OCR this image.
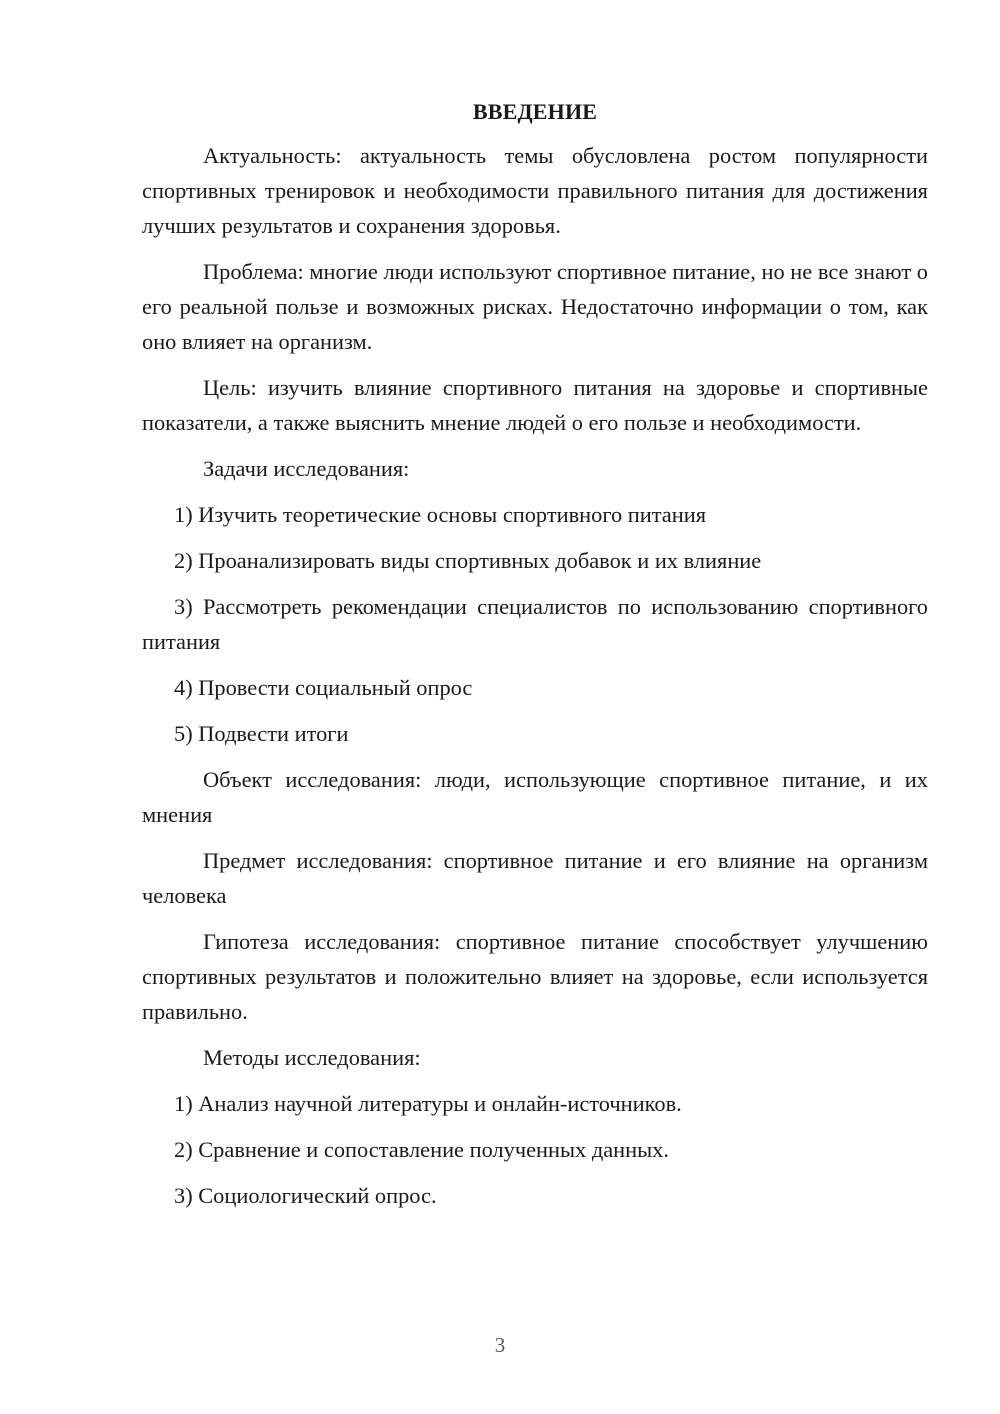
ВВЕДЕНИЕ
Актуальность: актуальность темы обусловлена ростом популярности спортивных тренировок и необходимости правильного питания для достижения лучших результатов и сохранения здоровья.
Проблема: многие люди используют спортивное питание, но не все знают о его реальной пользе и возможных рисках. Недостаточно информации о том, как оно влияет на организм.
Цель: изучить влияние спортивного питания на здоровье и спортивные показатели, а также выяснить мнение людей о его пользе и необходимости.
Задачи исследования:
1) Изучить теоретические основы спортивного питания
2) Проанализировать виды спортивных добавок и их влияние
3) Рассмотреть рекомендации специалистов по использованию спортивного питания
4) Провести социальный опрос
5) Подвести итоги
Объект исследования: люди, использующие спортивное питание, и их мнения
Предмет исследования: спортивное питание и его влияние на организм человека
Гипотеза исследования: спортивное питание способствует улучшению спортивных результатов и положительно влияет на здоровье, если используется правильно.
Методы исследования:
1) Анализ научной литературы и онлайн-источников.
2) Сравнение и сопоставление полученных данных.
3) Социологический опрос.
3
